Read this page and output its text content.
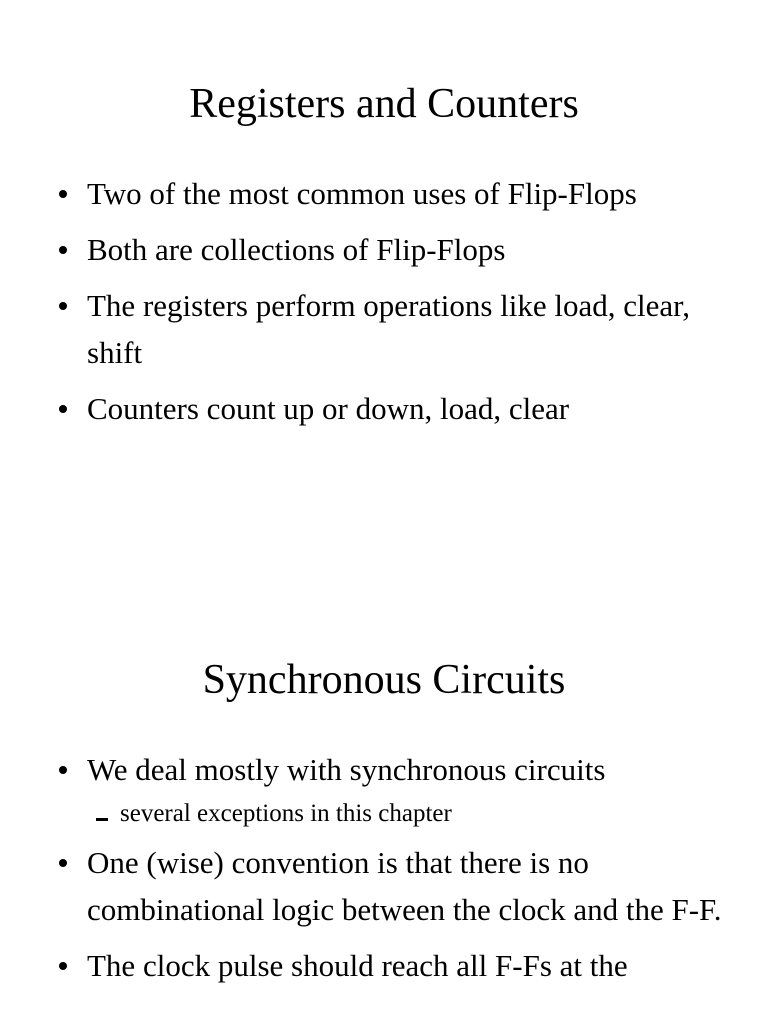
Registers and Counters
Two of the most common uses of Flip-Flops
Both are collections of Flip-Flops
The registers perform operations like load, clear, shift
Counters count up or down, load, clear
Synchronous Circuits
We deal mostly with synchronous circuits
several exceptions in this chapter
One (wise) convention is that there is no combinational logic between the clock and the F-F.
The clock pulse should reach all F-Fs at the
